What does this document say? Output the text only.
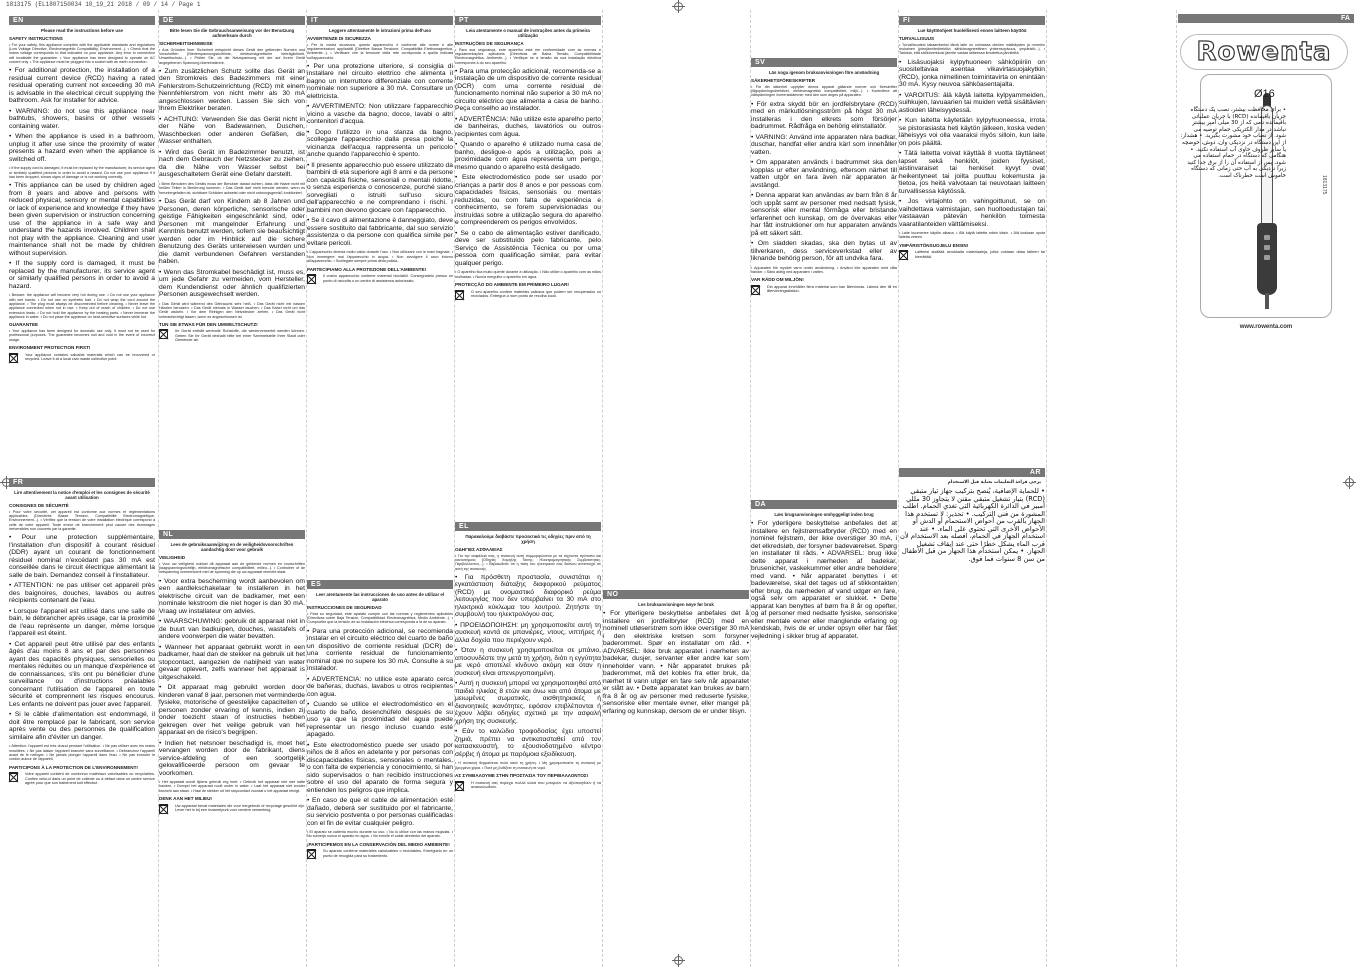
1813175 (EL1807150034 10_19_21 2018 / 09 / 14 / Page 1
EN
Please read the instructions before use
SAFETY INSTRUCTIONS
• For your safety, this appliance complies with the applicable standards and regulations (Low Voltage Directive, Electromagnetic Compatibility, Environment...). • Check that the mains voltage corresponds to that indicated on your appliance. Any error in connection will invalidate the guarantee. • Your appliance has been designed to operate on AC current only. • The appliance must be plugged into a socket with an earth connection.
• For additional protection, the installation of a residual current device (RCD) having a rated residual operating current not exceeding 30 mA is advisable in the electrical circuit supplying the bathroom. Ask for installer for advice.
• WARNING: do not use this appliance near bathtubs, showers, basins or other vessels containing water.
• When the appliance is used in a bathroom, unplug it after use since the proximity of water presents a hazard even when the appliance is switched off.
• If the supply cord is damaged, it must be replaced by the manufacturer, its service agent or similarly qualified persons in order to avoid a hazard. Do not use your appliance if it has been dropped, shows signs of damage or is not working correctly.
• This appliance can be used by children aged from 8 years and above and persons with reduced physical, sensory or mental capabilities or lack of experience and knowledge if they have been given supervision or instruction concerning use of the appliance in a safe way and understand the hazards involved. Children shall not play with the appliance. Cleaning and user maintenance shall not be made by children without supervision.
• If the supply cord is damaged, it must be replaced by the manufacturer, its service agent or similarly qualified persons in order to avoid a hazard.
• Beware: the appliance will become very hot during use. • Do not use your appliance with wet hands. • Do not use on synthetic hair. • Do not wrap the cord around the appliance. • The plug must always be disconnected before cleaning. • Never leave the appliance connected when not in use. • Keep out of reach of children. • Do not use extension leads. • Do not hold the appliance by the heating parts. • Never immerse the appliance in water. • Do not place the appliance on heat-sensitive surfaces while hot.
GUARANTEE
• Your appliance has been designed for domestic use only. It must not be used for professional purposes. The guarantee becomes null and void in the event of incorrect usage.
ENVIRONMENT PROTECTION FIRST!
Your appliance contains valuable materials which can be recovered or recycled. Leave it at a local civic waste collection point.
FR
Lire attentivement la notice d'emploi et les consignes de sécurité avant utilisation
CONSIGNES DE SÉCURITÉ
• Pour votre sécurité, cet appareil est conforme aux normes et réglementations applicables (Directives Basse Tension, Compatibilité Electromagnétique, Environnement...). • Vérifiez que la tension de votre installation électrique correspond à celle de votre appareil. Toute erreur de branchement peut causer des dommages irréversibles non couverts par la garantie.
• Pour une protection supplémentaire, l'installation d'un dispositif à courant résiduel (DDR) ayant un courant de fonctionnement résiduel nominal n'excédant pas 30 mA est conseillée dans le circuit électrique alimentant la salle de bain. Demandez conseil à l'installateur.
• ATTENTION: ne pas utiliser cet appareil près des baignoires, douches, lavabos ou autres récipients contenant de l'eau.
• Lorsque l'appareil est utilisé dans une salle de bain, le débrancher après usage, car la proximité de l'eau représente un danger, même lorsque l'appareil est éteint.
• Cet appareil peut être utilisé par des enfants âgés d'au moins 8 ans et par des personnes ayant des capacités physiques, sensorielles ou mentales réduites ou un manque d'expérience et de connaissances, s'ils ont pu bénéficier d'une surveillance ou d'instructions préalables concernant l'utilisation de l'appareil en toute sécurité et comprennent les risques encourus. Les enfants ne doivent pas jouer avec l'appareil.
• Si le câble d'alimentation est endommagé, il doit être remplacé par le fabricant, son service après vente ou des personnes de qualification similaire afin d'éviter un danger.
• Attention: l'appareil est très chaud pendant l'utilisation. • Ne pas utiliser avec les mains mouillées. • Ne pas laisser l'appareil branché sans surveillance. • Débranchez l'appareil avant de le nettoyer. • Ne jamais plonger l'appareil dans l'eau. • Ne pas enrouler le cordon autour de l'appareil.
PARTICIPONS À LA PROTECTION DE L'ENVIRONNEMENT!
Votre appareil contient de nombreux matériaux valorisables ou recyclables. Confiez celui-ci dans un point de collecte ou à défaut dans un centre service agréé pour que son traitement soit effectué.
DE
Bitte lesen Sie die Gebrauchsanweisung vor der Benutzung aufmerksam durch
SICHERHEITSHINWEISE
• Aus Gründen Ihrer Sicherheit entspricht dieses Gerät den geltenden Normen und Vorschriften (Niederspannungsrichtlinie, elektromagnetische Verträglichkeit, Umweltschutz...). • Prüfen Sie, ob die Netzspannung mit der auf Ihrem Gerät angegebenen Spannung übereinstimmt.
• Zum zusätzlichen Schutz sollte das Gerät an den Stromkreis des Badezimmers mit einer Fehlerstrom-Schutzeinrichtung (RCD) mit einem Nennfehlerstrom von nicht mehr als 30 mA angeschlossen werden. Lassen Sie sich von Ihrem Elektriker beraten.
• ACHTUNG: Verwenden Sie das Gerät nicht in der Nähe von Badewannen, Duschen, Waschbecken oder anderen Gefäßen, die Wasser enthalten.
• Wird das Gerät im Badezimmer benutzt, ist nach dem Gebrauch der Netzstecker zu ziehen, da die Nähe von Wasser selbst bei ausgeschaltetem Gerät eine Gefahr darstellt.
• Beim Benutzen des Geräts muss der Benutzer darauf achten, dass die Haare nicht mit heißen Teilen in Berührung kommen. • Das Gerät darf nicht benutzt werden, wenn es heruntergefallen ist, sichtbare Schäden aufweist oder nicht ordnungsgemäß funktioniert.
• Das Gerät darf von Kindern ab 8 Jahren und Personen, deren körperliche, sensorische oder geistige Fähigkeiten eingeschränkt sind, oder Personen mit mangelnder Erfahrung und Kenntnis benutzt werden, sofern sie beaufsichtigt werden oder im Hinblick auf die sichere Benutzung des Geräts unterwiesen wurden und die damit verbundenen Gefahren verstanden haben.
• Wenn das Stromkabel beschädigt ist, muss es, um jede Gefahr zu vermeiden, vom Hersteller, dem Kundendienst oder ähnlich qualifizierten Personen ausgewechselt werden.
• Das Gerät wird während des Gebrauchs sehr heiß. • Das Gerät nicht mit nassen Händen benutzen. • Das Gerät niemals in Wasser tauchen. • Das Kabel nicht um das Gerät wickeln. • Vor dem Reinigen den Netzstecker ziehen. • Das Gerät nicht unbeaufsichtigt lassen, wenn es angeschlossen ist.
TUN SIE ETWAS FÜR DEN UMWELTSCHUTZ!
Ihr Gerät enthält wertvolle Rohstoffe, die wiederverwertet werden können. Geben Sie Ihr Gerät deshalb bitte bei einer Sammelstelle Ihrer Stadt oder Gemeinde ab.
NL
Lees de gebruiksaanwijzing en de veiligheidsvoorschriften aandachtig door voor gebruik
VEILIGHEID
• Voor uw veiligheid voldoet dit apparaat aan de geldende normen en voorschriften (laagspanningsrichtlijn, elektromagnetische compatibiliteit, milieu...). • Controleer of de netspanning overeenkomt met de spanning die op uw apparaat vermeld staat.
• Voor extra bescherming wordt aanbevolen om een aardlekschakelaar te installeren in het elektrische circuit van de badkamer, met een nominale lekstroom die niet hoger is dan 30 mA. Vraag uw installateur om advies.
• WAARSCHUWING: gebruik dit apparaat niet in de buurt van badkuipen, douches, wastafels of andere voorwerpen die water bevatten.
• Wanneer het apparaat gebruikt wordt in een badkamer, haal dan de stekker na gebruik uit het stopcontact, aangezien de nabijheid van water gevaar oplevert, zelfs wanneer het apparaat is uitgeschakeld.
• Dit apparaat mag gebruikt worden door kinderen vanaf 8 jaar, personen met verminderde fysieke, motorische of geestelijke capaciteiten of personen zonder ervaring of kennis, indien zij onder toezicht staan of instructies hebben gekregen over het veilige gebruik van het apparaat en de risico's begrijpen.
• Indien het netsnoer beschadigd is, moet het vervangen worden door de fabrikant, diens service-afdeling of een soortgelijk gekwalificeerde persoon om gevaar te voorkomen.
• Het apparaat wordt tijdens gebruik erg heet. • Gebruik het apparaat niet met natte handen. • Dompel het apparaat nooit onder in water. • Laat het apparaat niet zonder toezicht aan staan. • Haal de stekker uit het stopcontact voordat u het apparaat reinigt.
DENK AAN HET MILIEU!
Uw apparaat bevat materialen die voor hergebruik of recyclage geschikt zijn. Lever het in bij een inzamelpunt voor verdere verwerking.
IT
Leggere attentamente le istruzioni prima dell'uso
AVVERTENZE DI SICUREZZA
• Per la vostra sicurezza, questo apparecchio è conforme alle norme e alle regolamentazioni applicabili (Direttive Bassa Tensione, Compatibilità Elettromagnetica, Ambiente...). • Verificare che la tensione della rete corrisponda a quella indicata sull'apparecchio.
• Per una protezione ulteriore, si consiglia di installare nel circuito elettrico che alimenta il bagno un interruttore differenziale con corrente nominale non superiore a 30 mA. Consultare un elettricista.
• AVVERTIMENTO: Non utilizzare l'apparecchio vicino a vasche da bagno, docce, lavabi o altri contenitori d'acqua.
• Dopo l'utilizzo in una stanza da bagno, scollegare l'apparecchio dalla presa poiché la vicinanza dell'acqua rappresenta un pericolo anche quando l'apparecchio è spento.
• Il presente apparecchio può essere utilizzato da bambini di età superiore agli 8 anni e da persone con capacità fisiche, sensoriali o mentali ridotte, o senza esperienza o conoscenze, purché siano sorvegliati o istruiti sull'uso sicuro dell'apparecchio e ne comprendano i rischi. I bambini non devono giocare con l'apparecchio.
• Se il cavo di alimentazione è danneggiato, deve essere sostituito dal fabbricante, dal suo servizio assistenza o da persone con qualifica simile per evitare pericoli.
• L'apparecchio diventa molto caldo durante l'uso. • Non utilizzare con le mani bagnate. • Non immergere mai l'apparecchio in acqua. • Non avvolgere il cavo intorno all'apparecchio. • Scollegare sempre prima della pulizia.
PARTECIPIAMO ALLA PROTEZIONE DELL'AMBIENTE!
Il vostro apparecchio contiene materiali riciclabili. Consegnatelo presso un punto di raccolta o un centro di assistenza autorizzato.
ES
Leer atentamente las instrucciones de uso antes de utilizar el aparato
INSTRUCCIONES DE SEGURIDAD
• Para su seguridad, este aparato cumple con las normas y reglamentos aplicables (Directivas sobre Baja Tensión, Compatibilidad Electromagnética, Medio Ambiente...). • Compruebe que la tensión de su instalación eléctrica corresponda a la de su aparato.
• Para una protección adicional, se recomienda instalar en el circuito eléctrico del cuarto de baño un dispositivo de corriente residual (DCR) de una corriente residual de funcionamiento nominal que no supere los 30 mA. Consulte a su instalador.
• ADVERTENCIA: no utilice este aparato cerca de bañeras, duchas, lavabos u otros recipientes con agua.
• Cuando se utilice el electrodoméstico en el cuarto de baño, desenchúfelo después de su uso ya que la proximidad del agua puede representar un riesgo incluso cuando esté apagado.
• Este electrodoméstico puede ser usado por niños de 8 años en adelante y por personas con discapacidades físicas, sensoriales o mentales, o con falta de experiencia y conocimiento, si han sido supervisados o han recibido instrucciones sobre el uso del aparato de forma segura y entienden los peligros que implica.
• En caso de que el cable de alimentación esté dañado, deberá ser sustituido por el fabricante, su servicio postventa o por personas cualificadas con el fin de evitar cualquier peligro.
• El aparato se calienta mucho durante su uso. • No lo utilice con las manos mojadas. • No sumerja nunca el aparato en agua. • No enrolle el cable alrededor del aparato.
¡PARTICIPEMOS EN LA CONSERVACIÓN DEL MEDIO AMBIENTE!
Su aparato contiene materiales valorizables o reciclables. Entréguelo en un punto de recogida para su tratamiento.
PT
Leia atentamente o manual de instruções antes da primeira utilização
INSTRUÇÕES DE SEGURANÇA
• Para sua segurança, este aparelho está em conformidade com as normas e regulamentações aplicáveis (Directivas de Baixa Tensão, Compatibilidade Electromagnética, Ambiente...). • Verifique se a tensão da sua instalação eléctrica corresponde à do seu aparelho.
• Para uma protecção adicional, recomenda-se a instalação de um dispositivo de corrente residual (DCR) com uma corrente residual de funcionamento nominal não superior a 30 mA no circuito eléctrico que alimenta a casa de banho. Peça conselho ao instalador.
• ADVERTÊNCIA: Não utilize este aparelho perto de banheiras, duches, lavatórios ou outros recipientes com água.
• Quando o aparelho é utilizado numa casa de banho, desligue-o após a utilização, pois a proximidade com água representa um perigo, mesmo quando o aparelho está desligado.
• Este electrodoméstico pode ser usado por crianças a partir dos 8 anos e por pessoas com capacidades físicas, sensoriais ou mentais reduzidas, ou com falta de experiência e conhecimento, se forem supervisionadas ou instruídas sobre a utilização segura do aparelho e compreenderem os perigos envolvidos.
• Se o cabo de alimentação estiver danificado, deve ser substituído pelo fabricante, pelo Serviço de Assistência Técnica ou por uma pessoa com qualificação similar, para evitar qualquer perigo.
• O aparelho fica muito quente durante a utilização. • Não utilize o aparelho com as mãos molhadas. • Nunca mergulhe o aparelho em água.
PROTECÇÃO DO AMBIENTE EM PRIMEIRO LUGAR!
O seu aparelho contém materiais valiosos que podem ser recuperados ou reciclados. Entregue-o num ponto de recolha local.
EL
Παρακαλούμε διαβάστε προσεκτικά τις οδηγίες πριν από τη χρήση
ΟΔΗΓΙΕΣ ΑΣΦΑΛΕΙΑΣ
• Για την ασφάλειά σας, η συσκευή αυτή συμμορφώνεται με τα ισχύοντα πρότυπα και κανονισμούς (Οδηγίες Χαμηλής Τάσης, Ηλεκτρομαγνητικής Συμβατότητας, Περιβάλλοντος...). • Βεβαιωθείτε ότι η τάση του ηλεκτρικού σας δικτύου αντιστοιχεί σε αυτή της συσκευής.
• Για πρόσθετη προστασία, συνιστάται η εγκατάσταση διάταξης διαφορικού ρεύματος (RCD) με ονομαστικό διαφορικό ρεύμα λειτουργίας που δεν υπερβαίνει τα 30 mA στο ηλεκτρικό κύκλωμα του λουτρού. Ζητήστε τη συμβουλή του ηλεκτρολόγου σας.
• ΠΡΟΕΙΔΟΠΟΙΗΣΗ: μη χρησιμοποιείτε αυτή τη συσκευή κοντά σε μπανιέρες, ντους, νιπτήρες ή άλλα δοχεία που περιέχουν νερό.
• Όταν η συσκευή χρησιμοποιείται σε μπάνιο, αποσυνδέστε την μετά τη χρήση, διότι η εγγύτητα με νερό αποτελεί κίνδυνο ακόμη και όταν η συσκευή είναι απενεργοποιημένη.
• Αυτή η συσκευή μπορεί να χρησιμοποιηθεί από παιδιά ηλικίας 8 ετών και άνω και από άτομα με μειωμένες σωματικές, αισθητηριακές ή διανοητικές ικανότητες, εφόσον επιβλέπονται ή έχουν λάβει οδηγίες σχετικά με την ασφαλή χρήση της συσκευής.
• Εάν το καλώδιο τροφοδοσίας έχει υποστεί ζημιά, πρέπει να αντικατασταθεί από τον κατασκευαστή, το εξουσιοδοτημένο κέντρο σέρβις ή άτομα με παρόμοια εξειδίκευση.
• Η συσκευή θερμαίνεται πολύ κατά τη χρήση. • Μη χρησιμοποιείτε τη συσκευή με βρεγμένα χέρια. • Ποτέ μη βυθίζετε τη συσκευή σε νερό.
ΑΣ ΣΥΜΒΑΛΟΥΜΕ ΣΤΗΝ ΠΡΟΣΤΑΣΙΑ ΤΟΥ ΠΕΡΙΒΑΛΛΟΝΤΟΣ!
Η συσκευή σας περιέχει πολλά υλικά που μπορούν να αξιοποιηθούν ή να ανακυκλωθούν.
SV
Läs noga igenom bruksanvisningen före användning
SÄKERHETSFÖRESKRIFTER
• För din säkerhet uppfyller denna apparat gällande normer och föreskrifter (lågspänningsdirektivet, elektromagnetisk kompatibilitet, miljö...). • Kontrollera att nätspänningen överensstämmer med den som anges på apparaten.
• För extra skydd bör en jordfelsbrytare (RCD) med en märkutlösningsström på högst 30 mA installeras i den elkrets som försörjer badrummet. Rådfråga en behörig elinstallatör.
• VARNING: Använd inte apparaten nära badkar, duschar, handfat eller andra kärl som innehåller vatten.
• Om apparaten används i badrummet ska den kopplas ur efter användning, eftersom närhet till vatten utgör en fara även när apparaten är avstängd.
• Denna apparat kan användas av barn från 8 år och uppåt samt av personer med nedsatt fysisk, sensorisk eller mental förmåga eller bristande erfarenhet och kunskap, om de övervakas eller har fått instruktioner om hur apparaten används på ett säkert sätt.
• Om sladden skadas, ska den bytas ut av tillverkaren, dess serviceverkstad eller av liknande behörig person, för att undvika fara.
• Apparaten blir mycket varm under användning. • Använd inte apparaten med våta händer. • Sänk aldrig ned apparaten i vatten.
VAR RÄDD OM MILJÖN!
Din apparat innehåller flera material som kan återvinnas. Lämna den till en återvinningsstation.
FI
Lue käyttöohjeet huolellisesti ennen laitteen käyttöä
TURVALLISUUS
• Turvallisuutesi takaamiseksi tämä laite on voimassa olevien määräysten ja normien mukainen (pienjännitedirektiivi, sähkömagneettinen yhteensopivuus, ympäristö...). • Tarkista, että sähköverkkosi jännite vastaa laitteessa ilmoitettua jännitettä.
• Lisäsuojaksi kylpyhuoneen sähköpiiriin on suositeltavaa asentaa vikavirtasuojakytkin (RCD), jonka nimellinen toimintavirta on enintään 30 mA. Kysy neuvoa sähköasentajalta.
• VAROITUS: älä käytä laitetta kylpyammeiden, suihkujen, lavuaarien tai muiden vettä sisältävien astioiden läheisyydessä.
• Kun laitetta käytetään kylpyhuoneessa, irrota se pistorasiasta heti käytön jälkeen, koska veden läheisyys voi olla vaaraksi myös silloin, kun laite on pois päältä.
• Tätä laitetta voivat käyttää 8 vuotta täyttäneet lapset sekä henkilöt, joiden fyysiset, aistinvaraiset tai henkiset kyvyt ovat heikentyneet tai joilta puuttuu kokemusta ja tietoa, jos heitä valvotaan tai neuvotaan laitteen turvallisessa käytössä.
• Jos virtajohto on vahingoittunut, se on vaihdettava valmistajan, sen huoltoedustajan tai vastaavan pätevän henkilön toimesta vaaratilanteiden välttämiseksi.
• Laite kuumenee käytön aikana. • Älä käytä laitetta märin käsin. • Älä koskaan upota laitetta veteen.
YMPÄRISTÖNSUOJELU ENSIN!
Laitteesi sisältää arvokkaita materiaaleja, jotka voidaan ottaa talteen tai kierrättää.
DA
Læs brugsanvisningen omhyggeligt inden brug
• For yderligere beskyttelse anbefales det at installere en fejlstrømsafbryder (RCD) med en nominel fejlstrøm, der ikke overstiger 30 mA, i det elkredsløb, der forsyner badeværelset. Spørg en installatør til råds. • ADVARSEL: brug ikke dette apparat i nærheden af badekar, brusenicher, vaskekummer eller andre beholdere med vand. • Når apparatet benyttes i et badeværelse, skal det tages ud af stikkontakten efter brug, da nærheden af vand udgør en fare, også selv om apparatet er slukket. • Dette apparat kan benyttes af børn fra 8 år og opefter, og af personer med nedsatte fysiske, sensoriske eller mentale evner eller manglende erfaring og kendskab, hvis de er under opsyn eller har fået vejledning i sikker brug af apparatet.
NO
Les bruksanvisningen nøye før bruk
• For ytterligere beskyttelse anbefales det å installere en jordfeilbryter (RCD) med en nominell utløserstrøm som ikke overstiger 30 mA i den elektriske kretsen som forsyner baderommet. Spør en installatør om råd. • ADVARSEL: Ikke bruk apparatet i nærheten av badekar, dusjer, servanter eller andre kar som inneholder vann. • Når apparatet brukes på baderommet, må det kobles fra etter bruk, da nærhet til vann utgjør en fare selv når apparatet er slått av. • Dette apparatet kan brukes av barn fra 8 år og av personer med reduserte fysiske, sensoriske eller mentale evner, eller mangel på erfaring og kunnskap, dersom de er under tilsyn.
AR
يرجى قراءة التعليمات بعناية قبل الاستخدام
• للحماية الإضافية، يُنصح بتركيب جهاز تيار متبقي (RCD) بتيار تشغيل متبقي مقنن لا يتجاوز 30 مللي أمبير في الدائرة الكهربائية التي تغذي الحمام. اطلب المشورة من فني التركيب. • تحذير: لا تستخدم هذا الجهاز بالقرب من أحواض الاستحمام أو الدش أو الأحواض الأخرى التي تحتوي على الماء. • عند استخدام الجهاز في الحمام، افصله بعد الاستخدام لأن قرب الماء يشكل خطرًا حتى عند إيقاف تشغيل الجهاز. • يمكن استخدام هذا الجهاز من قبل الأطفال من سن 8 سنوات فما فوق.
FA
Rowenta
1813175
Ø16
www.rowenta.com
• برای محافظت بیشتر، نصب یک دستگاه جریان باقیمانده (RCD) با جریان عملیاتی باقیمانده نامی که از 30 میلی آمپر بیشتر نباشد در مدار الکتریکی حمام توصیه می شود. از نصاب خود مشورت بگیرید. • هشدار: از این دستگاه در نزدیکی وان، دوش، حوضچه یا سایر ظروف حاوی آب استفاده نکنید. • هنگامی که دستگاه در حمام استفاده می شود، پس از استفاده آن را از برق جدا کنید زیرا نزدیکی به آب حتی زمانی که دستگاه خاموش است خطرناک است.
